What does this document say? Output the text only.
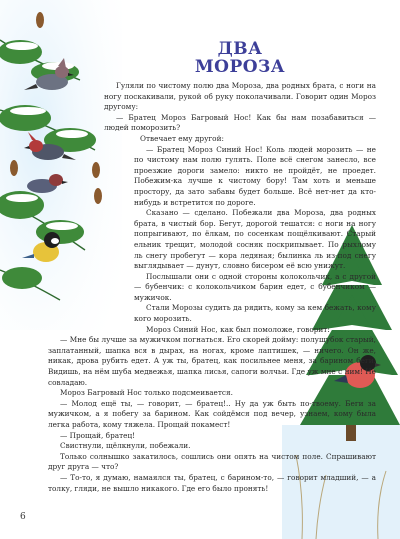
ДВА
МОРОЗА

Гуляли по чистому полю два Мороза, два родных брата, с ноги на ногу поскакивали, рукой об руку поколачивали. Говорит один Мороз другому:

— Братец Мороз Багровый Нос! Как бы нам позабавиться — людей поморозить?

Отвечает ему другой:

— Братец Мороз Синий Нос! Коль людей морозить — не по чистому нам полю гулять. Поле всё снегом занесло, все проезжие дороги замело: никто не пройдёт, не проедет. Побежим-ка лучше к чистому бору! Там хоть и меньше простору, да зато забавы будет больше. Всё нет-нет да кто-нибудь и встретится по дороге.

Сказано — сделано. Побежали два Мороза, два родных брата, в чистый бор. Бегут, дорогой тешатся: с ноги на ногу попрыгивают, по ёлкам, по сосенкам пощёлкивают. Старый ельник трещит, молодой сосняк поскрипывает. По рыхлому ль снегу пробегут — кора ледяная; былинка ль из-под снегу выглядывает — дунут, словно бисером её всю унижут.

Послышали они с одной стороны колокольчик, а с другой — бубенчик: с колокольчиком барин едет, с бубенчиком — мужичок.

Стали Морозы судить да рядить, кому за кем бежать, кому кого морозить.

Мороз Синий Нос, как был помоложе, говорит:

— Мне бы лучше за мужичком погнаться. Его скорей дойму: полушубок старый, заплатанный, шапка вся в дырах, на ногах, кроме лаптишек, — ничего. Он же, никак, дрова рубить едет. А уж ты, братец, как посильнее меня, за барином беги. Видишь, на нём шуба медвежья, шапка лисья, сапоги волчьи. Где уж мне с ним! Не совладаю.

Мороз Багровый Нос только подсмеивается.

— Молод ещё ты, — говорит, — братец!.. Ну да уж быть по-твоему. Беги за мужичком, а я побегу за барином. Как сойдёмся под вечер, узнаем, кому была легка работа, кому тяжела. Прощай покамест!

— Прощай, братец!

Свистнули, щёлкнули, побежали.

Только солнышко закатилось, сошлись они опять на чистом поле. Спрашивают друг друга — что?

— То-то, я думаю, намаялся ты, братец, с барином-то, — говорит младший, — а толку, гляди, не вышло никакого. Где его было пронять!

6
